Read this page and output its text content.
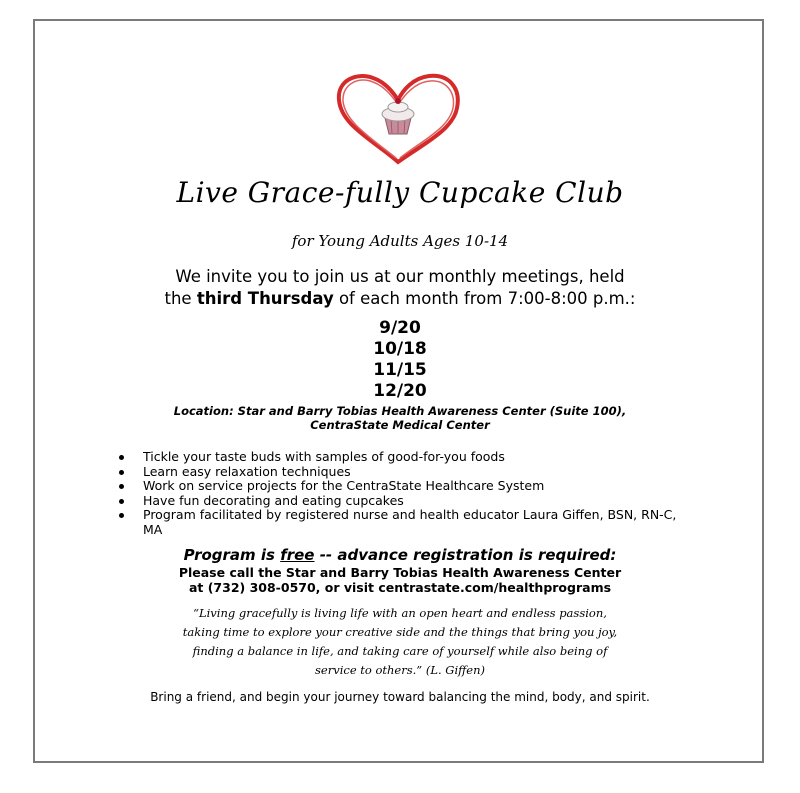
Live Grace-fully Cupcake Club
for Young Adults Ages 10-14
We invite you to join us at our monthly meetings, held
the third Thursday of each month from 7:00-8:00 p.m.:
9/20
10/18
11/15
12/20
Location: Star and Barry Tobias Health Awareness Center (Suite 100),
CentraState Medical Center
Tickle your taste buds with samples of good-for-you foods
Learn easy relaxation techniques
Work on service projects for the CentraState Healthcare System
Have fun decorating and eating cupcakes
Program facilitated by registered nurse and health educator Laura Giffen, BSN, RN-C, MA
Program is free -- advance registration is required:
Please call the Star and Barry Tobias Health Awareness Center
at (732) 308-0570, or visit centrastate.com/healthprograms
“Living gracefully is living life with an open heart and endless passion,
taking time to explore your creative side and the things that bring you joy,
finding a balance in life, and taking care of yourself while also being of
service to others.” (L. Giffen)
Bring a friend, and begin your journey toward balancing the mind, body, and spirit.
